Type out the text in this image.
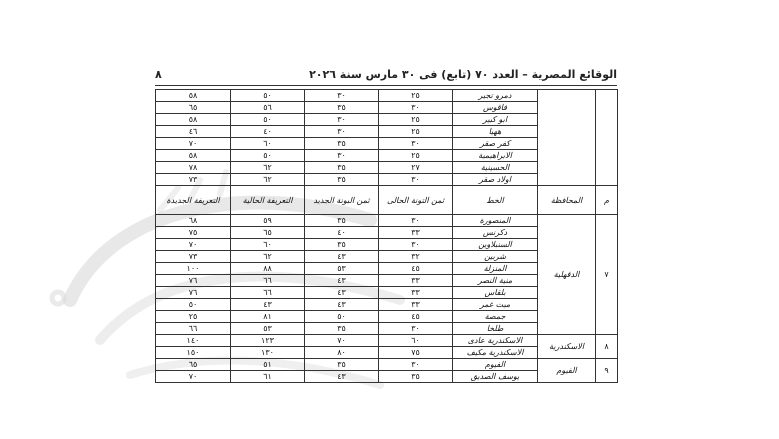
الوقائع المصرية – العدد ٧٠ (تابع) فى ٣٠ مارس سنة ٢٠٢٦
٨
		دمرو تجير	٢٥	٣٠	٥٠	٥٨
		فاقوس	٣٠	٣٥	٥٦	٦٥
		ابو كبير	٢٥	٣٠	٥٠	٥٨
		ههيا	٢٥	٣٠	٤٠	٤٦
		كفر صقر	٣٠	٣٥	٦٠	٧٠
		الابراهيمية	٢٥	٣٠	٥٠	٥٨
		الحسينية	٢٧	٣٥	٦٢	٧٨
		اولاد صقر	٣٠	٣٥	٦٢	٧٣
م	المحافظة	الخط	ثمن التونة الحالى	ثمن البونة الجديد	التعريفة الحالية	التعريفة الجديدة
٧	الدقهلية	المنصورة	٣٠	٣٥	٥٩	٦٨
		دكرنس	٣٣	٤٠	٦٥	٧٥
		السنبلاوين	٣٠	٣٥	٦٠	٧٠
		شربين	٣٢	٤٣	٦٢	٧٣
		المنزلة	٤٥	٥٣	٨٨	١٠٠
		منية النصر	٣٣	٤٣	٦٦	٧٦
		بلقاس	٣٣	٤٣	٦٦	٧٦
		ميت غمر	٣٣	٤٣	٤٣	٥٠
		جمصة	٤٥	٥٠	٨١	٢٥
		طلخا	٣٠	٣٥	٥٣	٦٦
٨	الاسكندرية	الاسكندرية عادى	٦٠	٧٠	١٢٣	١٤٠
		الاسكندرية مكيف	٧٥	٨٠	١٣٠	١٥٠
٩	الفيوم	الفيوم	٣٠	٣٥	٥١	٦٥
		يوسف الصديق	٣٥	٤٣	٦١	٧٠
